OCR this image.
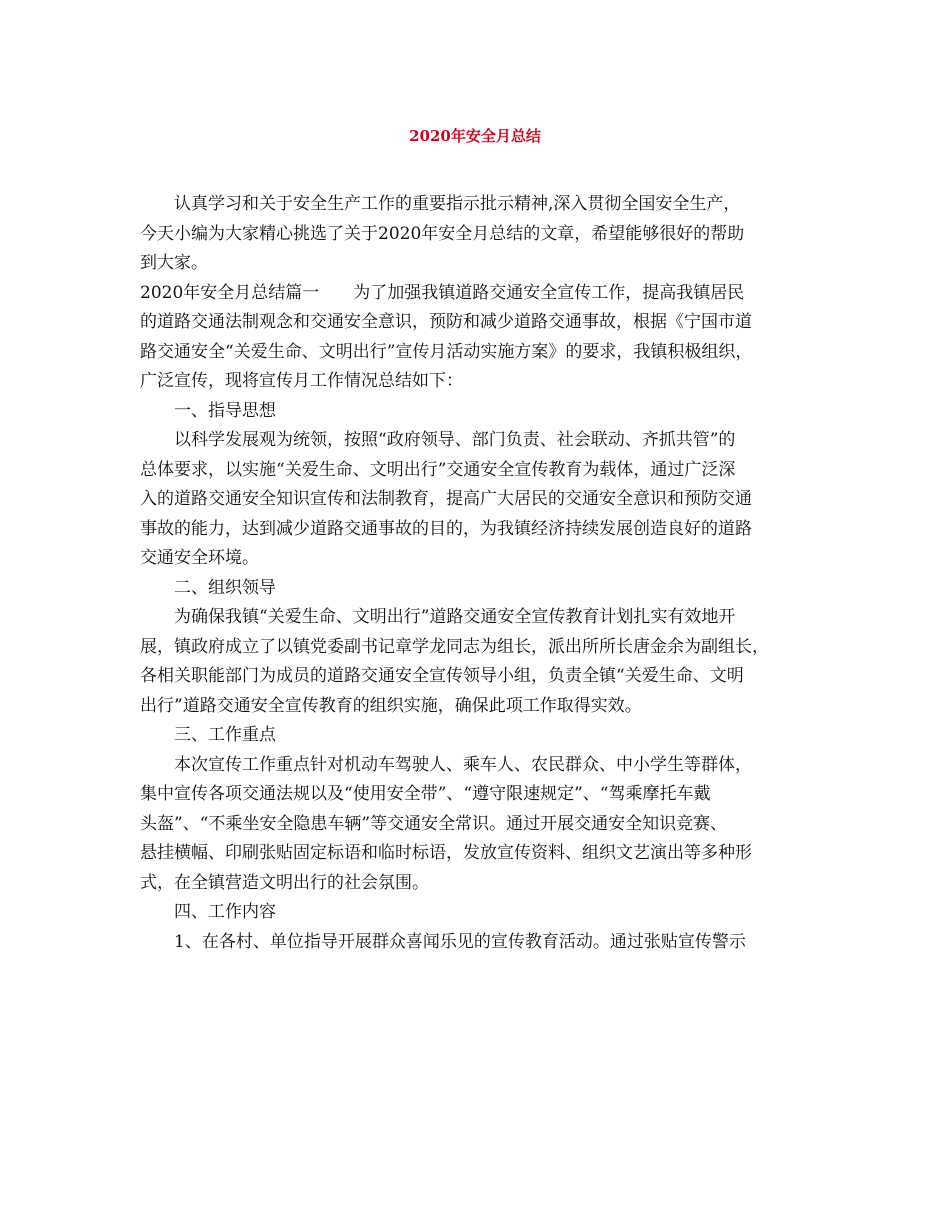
2020年安全月总结
认真学习和关于安全生产工作的重要指示批示精神,深入贯彻全国安全生产，
今天小编为大家精心挑选了关于2020年安全月总结的文章，希望能够很好的帮助
到大家。
2020年安全月总结篇一　　为了加强我镇道路交通安全宣传工作，提高我镇居民
的道路交通法制观念和交通安全意识，预防和减少道路交通事故，根据《宁国市道
路交通安全“关爱生命、文明出行”宣传月活动实施方案》的要求，我镇积极组织，
广泛宣传，现将宣传月工作情况总结如下：
一、指导思想
以科学发展观为统领，按照“政府领导、部门负责、社会联动、齐抓共管”的
总体要求，以实施“关爱生命、文明出行”交通安全宣传教育为载体，通过广泛深
入的道路交通安全知识宣传和法制教育，提高广大居民的交通安全意识和预防交通
事故的能力，达到减少道路交通事故的目的，为我镇经济持续发展创造良好的道路
交通安全环境。
二、组织领导
为确保我镇“关爱生命、文明出行”道路交通安全宣传教育计划扎实有效地开
展，镇政府成立了以镇党委副书记章学龙同志为组长，派出所所长唐金余为副组长，
各相关职能部门为成员的道路交通安全宣传领导小组，负责全镇“关爱生命、文明
出行”道路交通安全宣传教育的组织实施，确保此项工作取得实效。
三、工作重点
本次宣传工作重点针对机动车驾驶人、乘车人、农民群众、中小学生等群体，
集中宣传各项交通法规以及“使用安全带”、“遵守限速规定”、“驾乘摩托车戴
头盔”、“不乘坐安全隐患车辆”等交通安全常识。通过开展交通安全知识竞赛、
悬挂横幅、印刷张贴固定标语和临时标语，发放宣传资料、组织文艺演出等多种形
式，在全镇营造文明出行的社会氛围。
四、工作内容
1、在各村、单位指导开展群众喜闻乐见的宣传教育活动。通过张贴宣传警示
